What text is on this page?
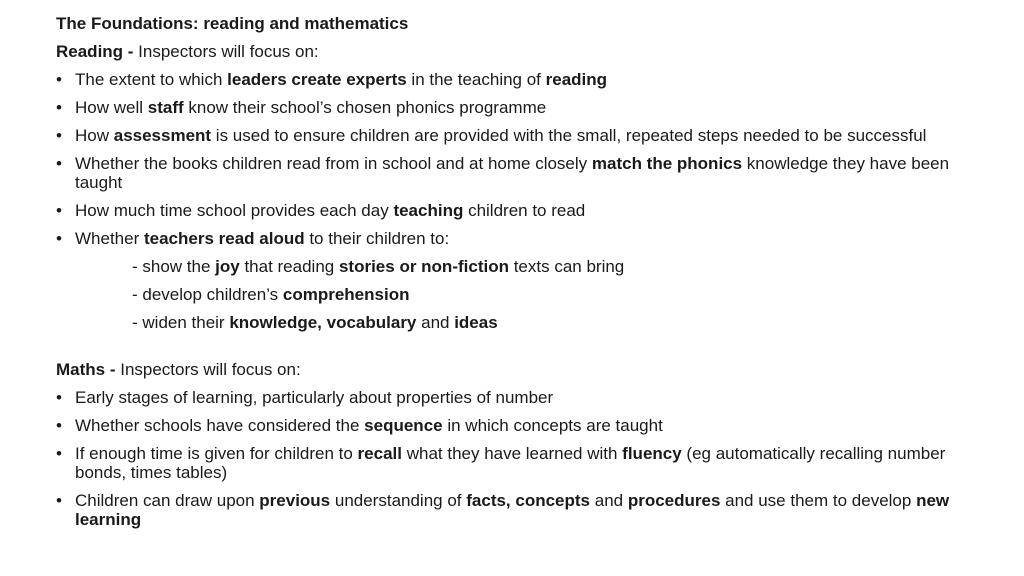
The Foundations: reading and mathematics

Reading - Inspectors will focus on:

• The extent to which leaders create experts in the teaching of reading

• How well staff know their school’s chosen phonics programme

• How assessment is used to ensure children are provided with the small, repeated steps needed to be successful

• Whether the books children read from in school and at home closely match the phonics knowledge they have been taught

• How much time school provides each day teaching children to read

• Whether teachers read aloud to their children to:

- show the joy that reading stories or non-fiction texts can bring

- develop children’s comprehension

- widen their knowledge, vocabulary and ideas

Maths - Inspectors will focus on:

• Early stages of learning, particularly about properties of number

• Whether schools have considered the sequence in which concepts are taught

• If enough time is given for children to recall what they have learned with fluency (eg automatically recalling number bonds, times tables)

• Children can draw upon previous understanding of facts, concepts and procedures and use them to develop new learning
